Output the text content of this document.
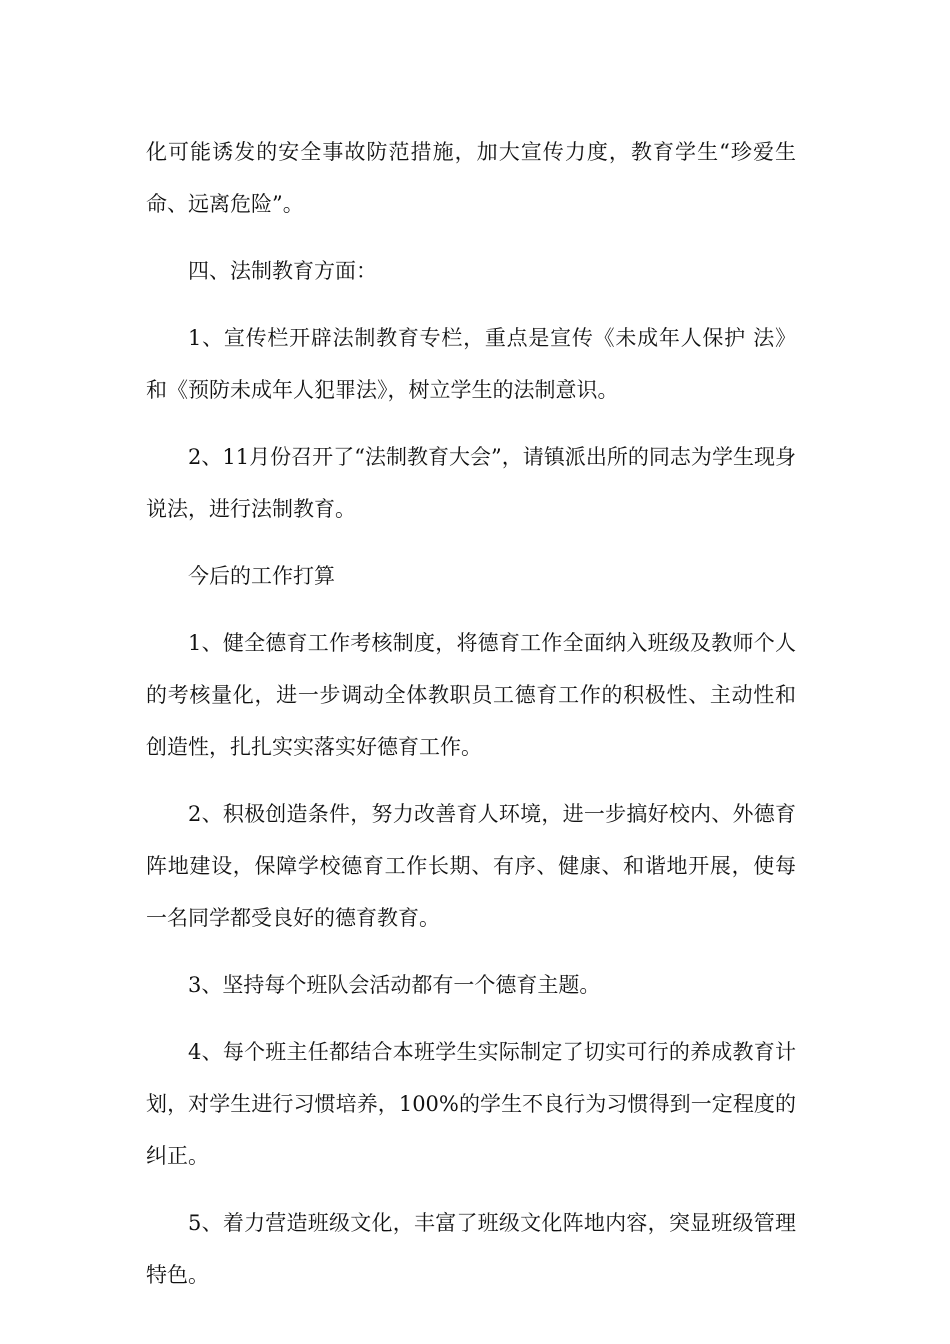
化可能诱发的安全事故防范措施，加大宣传力度，教育学生“珍爱生命、远离危险”。

四、法制教育方面：

1、宣传栏开辟法制教育专栏，重点是宣传《未成年人保护 法》和《预防未成年人犯罪法》，树立学生的法制意识。

2、11月份召开了“法制教育大会”，请镇派出所的同志为学生现身说法，进行法制教育。

今后的工作打算

1、健全德育工作考核制度，将德育工作全面纳入班级及教师个人的考核量化，进一步调动全体教职员工德育工作的积极性、主动性和创造性，扎扎实实落实好德育工作。

2、积极创造条件，努力改善育人环境，进一步搞好校内、外德育阵地建设，保障学校德育工作长期、有序、健康、和谐地开展，使每一名同学都受良好的德育教育。

3、坚持每个班队会活动都有一个德育主题。

4、每个班主任都结合本班学生实际制定了切实可行的养成教育计划，对学生进行习惯培养，100%的学生不良行为习惯得到一定程度的纠正。

5、着力营造班级文化，丰富了班级文化阵地内容，突显班级管理特色。
